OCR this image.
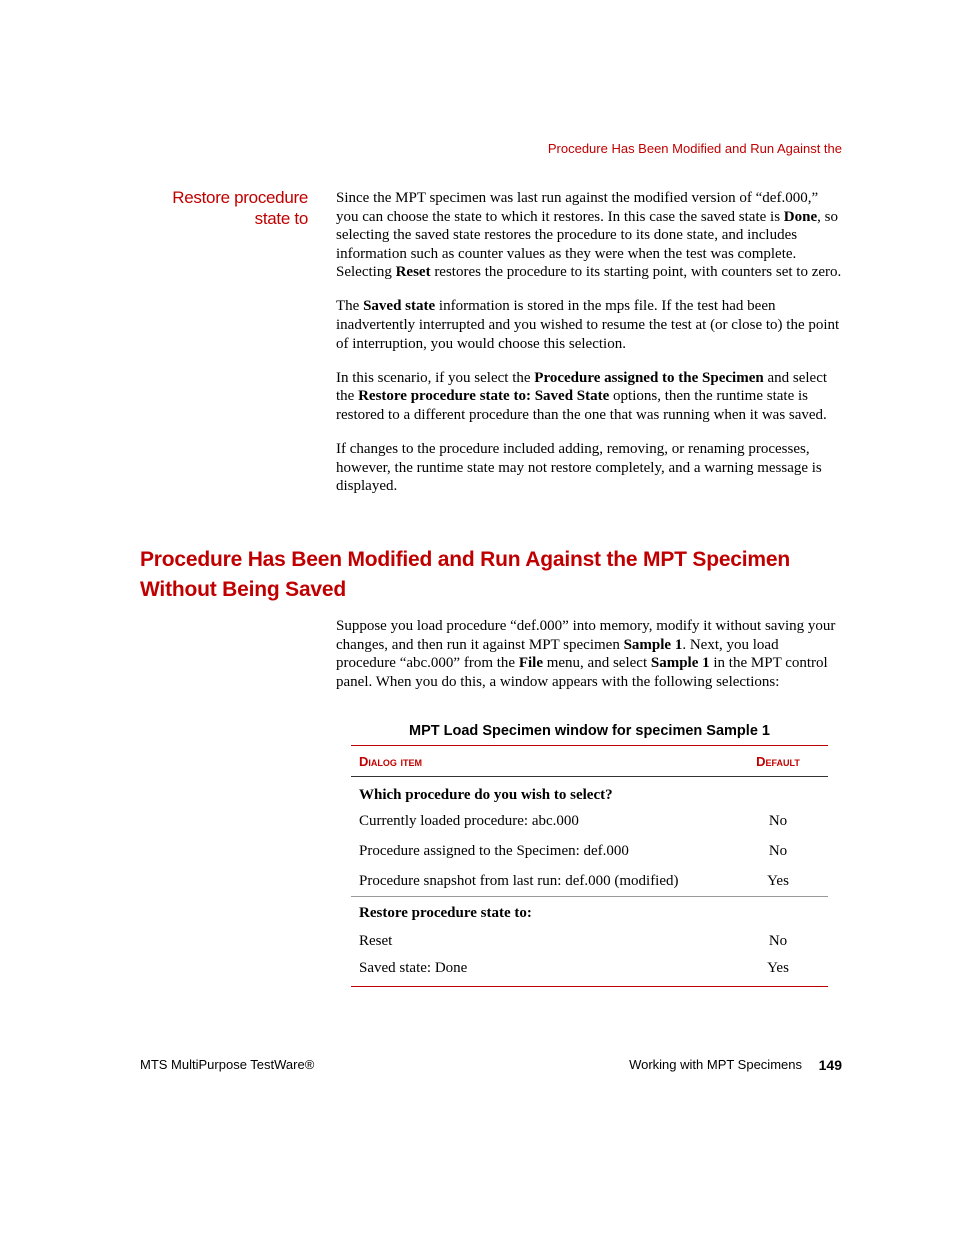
Procedure Has Been Modified and Run Against the
Restore procedure
state to

Since the MPT specimen was last run against the modified version of “def.000,” you can choose the state to which it restores. In this case the saved state is Done, so selecting the saved state restores the procedure to its done state, and includes information such as counter values as they were when the test was complete. Selecting Reset restores the procedure to its starting point, with counters set to zero.

The Saved state information is stored in the mps file. If the test had been inadvertently interrupted and you wished to resume the test at (or close to) the point of interruption, you would choose this selection.

In this scenario, if you select the Procedure assigned to the Specimen and select the Restore procedure state to: Saved State options, then the runtime state is restored to a different procedure than the one that was running when it was saved.

If changes to the procedure included adding, removing, or renaming processes, however, the runtime state may not restore completely, and a warning message is displayed.

Procedure Has Been Modified and Run Against the MPT Specimen Without Being Saved

Suppose you load procedure “def.000” into memory, modify it without saving your changes, and then run it against MPT specimen Sample 1. Next, you load procedure “abc.000” from the File menu, and select Sample 1 in the MPT control panel. When you do this, a window appears with the following selections:

MPT Load Specimen window for specimen Sample 1
Dialog item	Default
Which procedure do you wish to select?	
Currently loaded procedure: abc.000	No
Procedure assigned to the Specimen: def.000	No
Procedure snapshot from last run: def.000 (modified)	Yes
Restore procedure state to:	
Reset	No
Saved state: Done	Yes
MTS MultiPurpose TestWare®	Working with MPT Specimens 149
